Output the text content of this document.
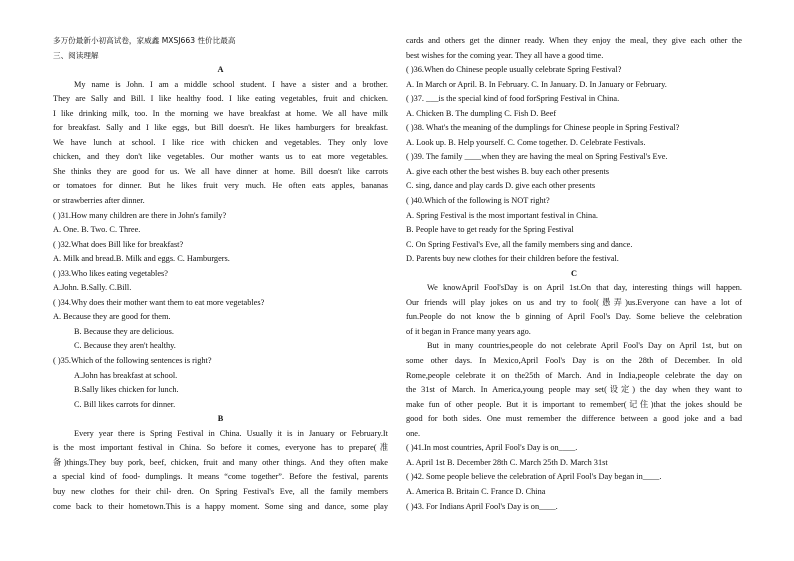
多万份最新小初高试卷，家威鑫 MXSJ663 性价比最高
三、阅读理解
A
My name is John. I am a middle school student. I have a sister and a brother.
They are Sally and Bill. I like healthy food. I like eating vegetables, fruit and chicken.
I like drinking milk, too. In the morning we have breakfast at home. We all have milk
for breakfast. Sally and I like eggs, but Bill doesn't. He likes hamburgers for breakfast.
We have lunch at school. I like rice with chicken and vegetables. They only love
chicken, and they don't like vegetables. Our mother wants us to eat more vegetables.
She thinks they are good for us. We all have dinner at home. Bill doesn't like carrots
or tomatoes for dinner. But he likes fruit very much. He often eats apples, bananas
or strawberries after dinner.
( )31.How many children are there in John's family?
A. One. B. Two. C. Three.
( )32.What does Bill like for breakfast?
A. Milk and bread.B. Milk and eggs. C. Hamburgers.
( )33.Who likes eating vegetables?
A.John. B.Sally. C.Bill.
( )34.Why does their mother want them to eat more vegetables?
A. Because they are good for them.
B. Because they are delicious.
C. Because they aren't healthy.
( )35.Which of the following sentences is right?
A.John has breakfast at school.
B.Sally likes chicken for lunch.
C. Bill likes carrots for dinner.
B
Every year there is Spring Festival in China. Usually it is in January or February.It
is the most important festival in China. So before it comes, everyone has to prepare(准
备)things.They buy pork, beef, chicken, fruit and many other things. And they often make
a special kind of food- dumplings. It means “come together”. Before the festival, parents
buy new clothes for their chil- dren. On Spring Festival's Eve, all the family members
come back to their hometown.This is a happy moment. Some sing and dance, some play
cards and others get the dinner ready. When they enjoy the meal, they give each other the
best wishes for the coming year. They all have a good time.
( )36.When do Chinese people usually celebrate Spring Festival?
A. In March or April. B. In February. C. In January. D. In January or February.
( )37. ___is the special kind of food forSpring Festival in China.
A. Chicken B. The dumpling C. Fish D. Beef
( )38. What's the meaning of the dumplings for Chinese people in Spring Festival?
A. Look up. B. Help yourself. C. Come together. D. Celebrate Festivals.
( )39. The family ____when they are having the meal on Spring Festival's Eve.
A. give each other the best wishes B. buy each other presents
C. sing, dance and play cards D. give each other presents
( )40.Which of the following is NOT right?
A. Spring Festival is the most important festival in China.
B. People have to get ready for the Spring Festival
C. On Spring Festival's Eve, all the family members sing and dance.
D. Parents buy new clothes for their children before the festival.
C
We knowApril Fool'sDay is on April 1st.On that day, interesting things will happen.
Our friends will play jokes on us and try to fool(愚弄)us.Everyone can have a lot of
fun.People do not know the b ginning of April Fool's Day. Some believe the celebration
of it began in France many years ago.
But in many countries,people do not celebrate April Fool's Day on April 1st, but on
some other days. In Mexico,April Fool's Day is on the 28th of December. In old
Rome,people celebrate it on the25th of March. And in India,people celebrate the day on
the 31st of March. In America,young people may set(设定) the day when they want to
make fun of other people. But it is important to remember(记住)that the jokes should be
good for both sides. One must remember the difference between a good joke and a bad
one.
( )41.In most countries, April Fool's Day is on____.
A. April 1st B. December 28th C. March 25th D. March 31st
( )42. Some people believe the celebration of April Fool's Day began in____.
A. America B. Britain C. France D. China
( )43. For Indians April Fool's Day is on____.
